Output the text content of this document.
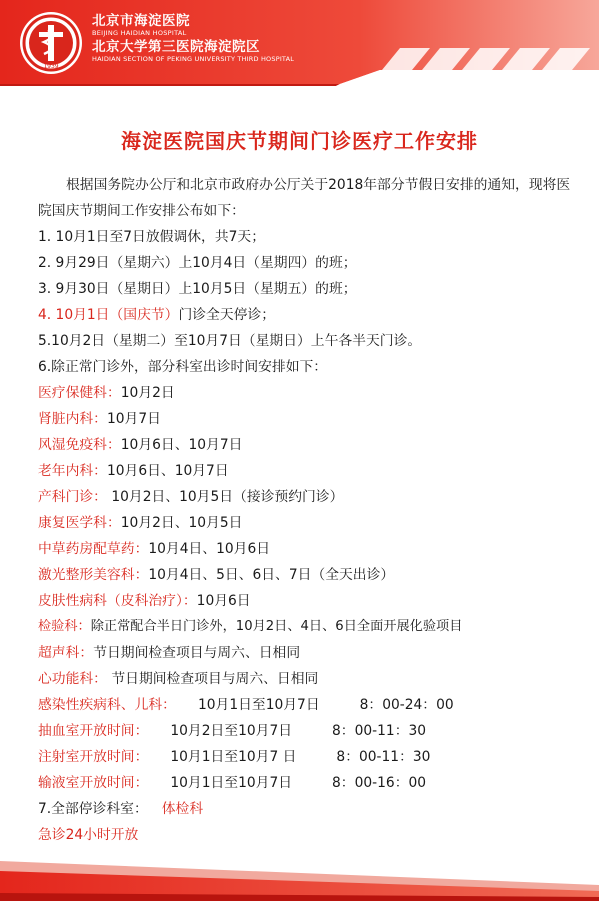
1939
北京市海淀医院
BEIJING HAIDIAN HOSPITAL
北京大学第三医院海淀院区
HAIDIAN SECTION OF PEKING UNIVERSITY THIRD HOSPITAL
海淀医院国庆节期间门诊医疗工作安排

根据国务院办公厅和北京市政府办公厅关于2018年部分节假日安排的通知，现将医院国庆节期间工作安排公布如下：

1. 10月1日至7日放假调休，共7天；

2. 9月29日（星期六）上10月4日（星期四）的班；

3. 9月30日（星期日）上10月5日（星期五）的班；

4. 10月1日（国庆节）门诊全天停诊；

5.10月2日（星期二）至10月7日（星期日）上午各半天门诊。

6.除正常门诊外，部分科室出诊时间安排如下：

医疗保健科：10月2日

肾脏内科：10月7日

风湿免疫科：10月6日、10月7日

老年内科：10月6日、10月7日

产科门诊： 10月2日、10月5日（接诊预约门诊）

康复医学科：10月2日、10月5日

中草药房配草药：10月4日、10月6日

激光整形美容科：10月4日、5日、6日、7日（全天出诊）

皮肤性病科（皮科治疗）：10月6日

检验科：除正常配合半日门诊外，10月2日、4日、6日全面开展化验项目

超声科：节日期间检查项目与周六、日相同

心功能科： 节日期间检查项目与周六、日相同

感染性疾病科、儿科： 10月1日至10月7日	8：00-24：00

抽血室开放时间： 10月2日至10月7日	8：00-11：30

注射室开放时间： 10月1日至10月7 日	8：00-11：30

输液室开放时间： 10月1日至10月7日	8：00-16：00

7.全部停诊科室： 体检科

急诊24小时开放
